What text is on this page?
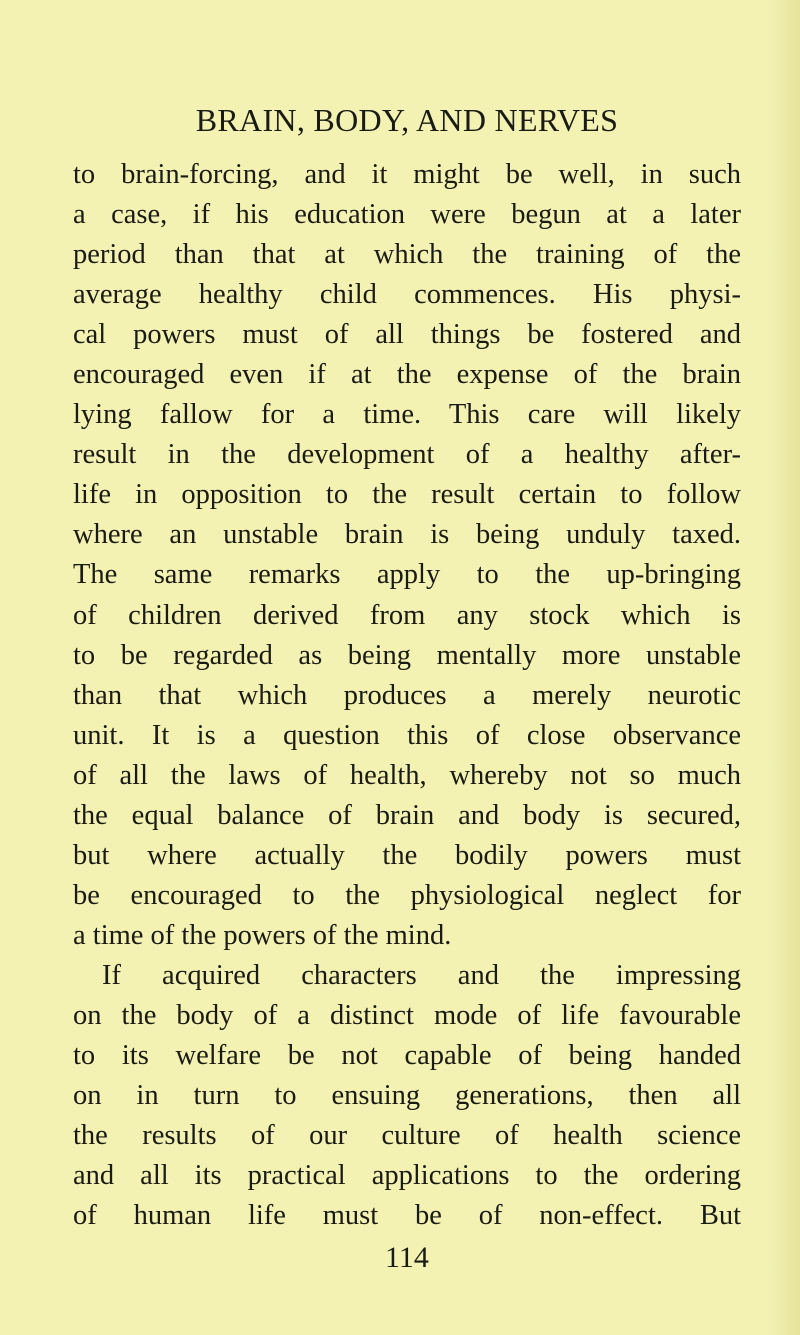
BRAIN, BODY, AND NERVES
to brain-forcing, and it might be well, in such
a case, if his education were begun at a later
period than that at which the training of the
average healthy child commences. His physi-
cal powers must of all things be fostered and
encouraged even if at the expense of the brain
lying fallow for a time. This care will likely
result in the development of a healthy after-
life in opposition to the result certain to follow
where an unstable brain is being unduly taxed.
The same remarks apply to the up-bringing
of children derived from any stock which is
to be regarded as being mentally more unstable
than that which produces a merely neurotic
unit. It is a question this of close observance
of all the laws of health, whereby not so much
the equal balance of brain and body is secured,
but where actually the bodily powers must
be encouraged to the physiological neglect for
a time of the powers of the mind.
If acquired characters and the impressing
on the body of a distinct mode of life favourable
to its welfare be not capable of being handed
on in turn to ensuing generations, then all
the results of our culture of health science
and all its practical applications to the ordering
of human life must be of non-effect. But
114
